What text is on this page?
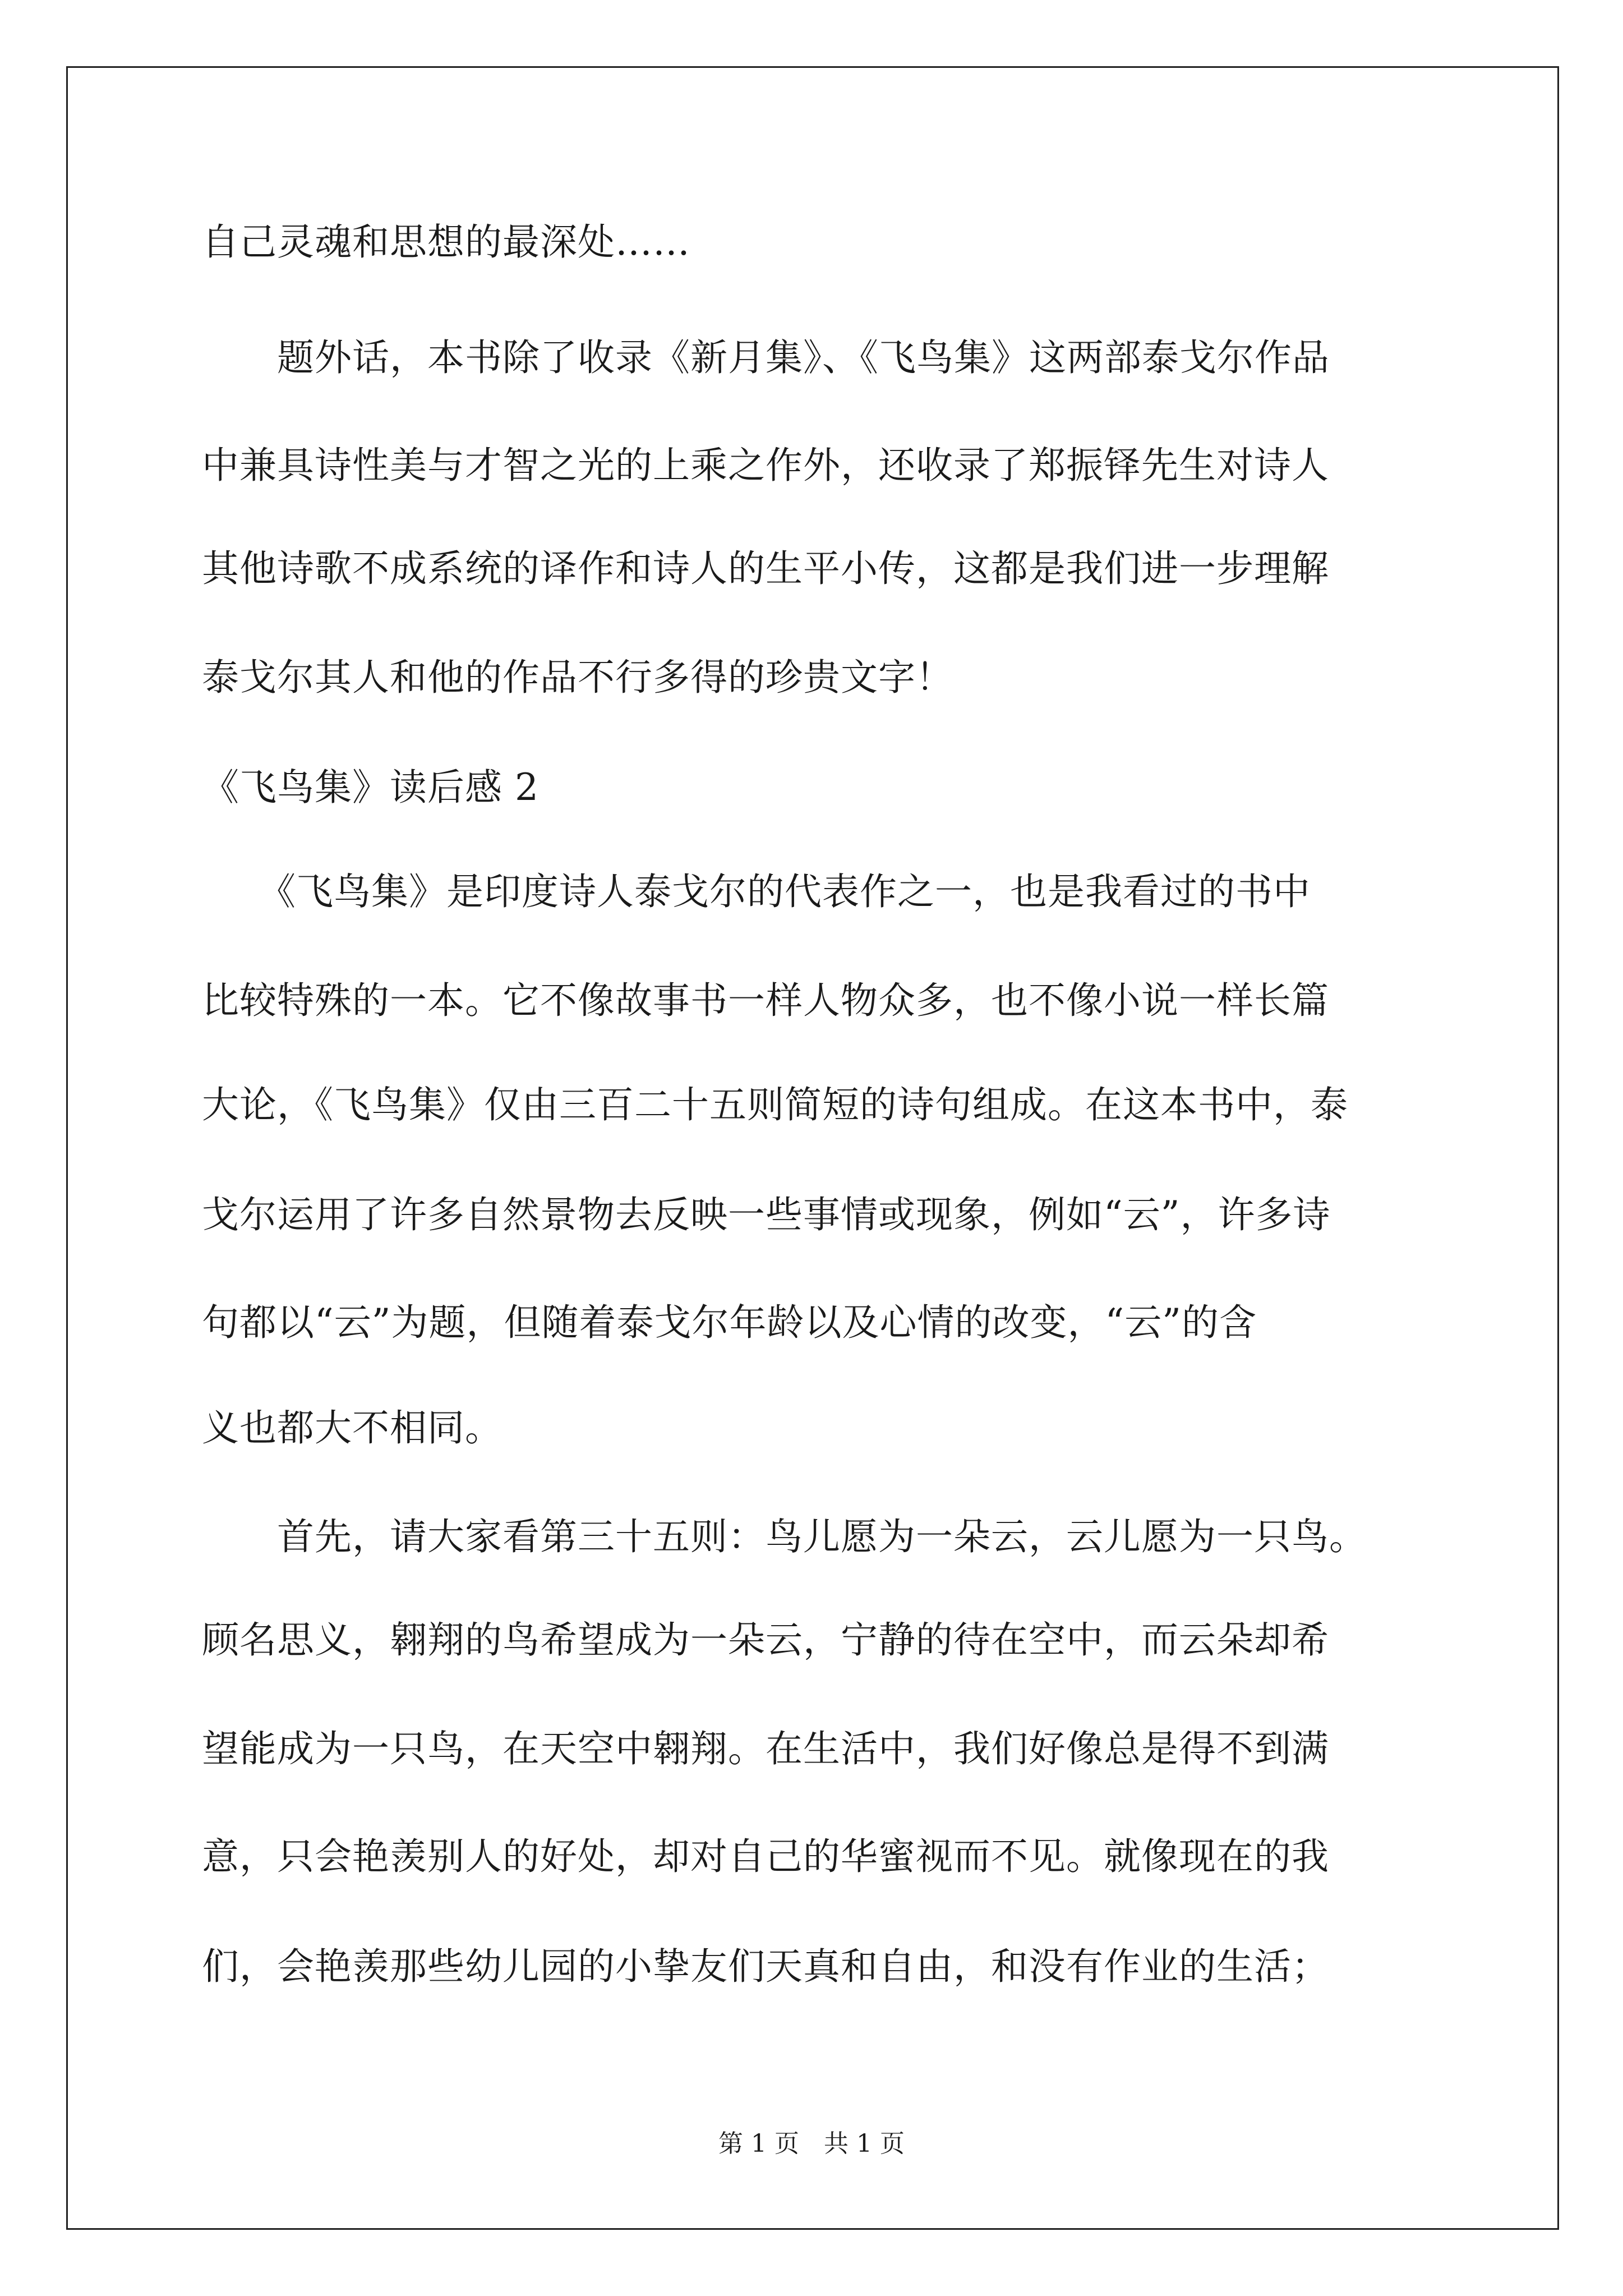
自己灵魂和思想的最深处……
　　题外话，本书除了收录《新月集》、《飞鸟集》这两部泰戈尔作品
中兼具诗性美与才智之光的上乘之作外，还收录了郑振铎先生对诗人
其他诗歌不成系统的译作和诗人的生平小传，这都是我们进一步理解
泰戈尔其人和他的作品不行多得的珍贵文字！
《飞鸟集》读后感 2
　　《飞鸟集》是印度诗人泰戈尔的代表作之一，也是我看过的书中
比较特殊的一本。它不像故事书一样人物众多，也不像小说一样长篇
大论，《飞鸟集》仅由三百二十五则简短的诗句组成。在这本书中，泰
戈尔运用了许多自然景物去反映一些事情或现象，例如“云”，许多诗
句都以“云”为题，但随着泰戈尔年龄以及心情的改变，“云”的含
义也都大不相同。
　　首先，请大家看第三十五则：鸟儿愿为一朵云，云儿愿为一只鸟。
顾名思义，翱翔的鸟希望成为一朵云，宁静的待在空中，而云朵却希
望能成为一只鸟，在天空中翱翔。在生活中，我们好像总是得不到满
意，只会艳羡别人的好处，却对自己的华蜜视而不见。就像现在的我
们，会艳羡那些幼儿园的小挚友们天真和自由，和没有作业的生活；
第 1 页 共 1 页
